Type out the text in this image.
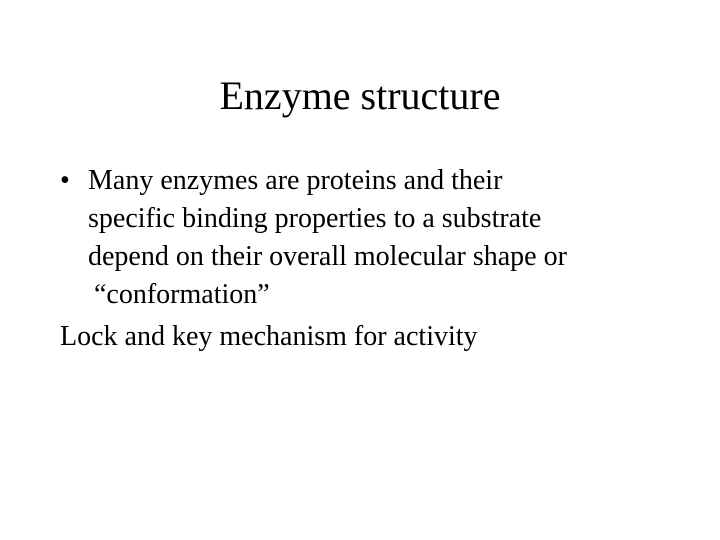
Enzyme structure
• Many enzymes are proteins and their
specific binding properties to a substrate
depend on their overall molecular shape or
“conformation”
Lock and key mechanism for activity
